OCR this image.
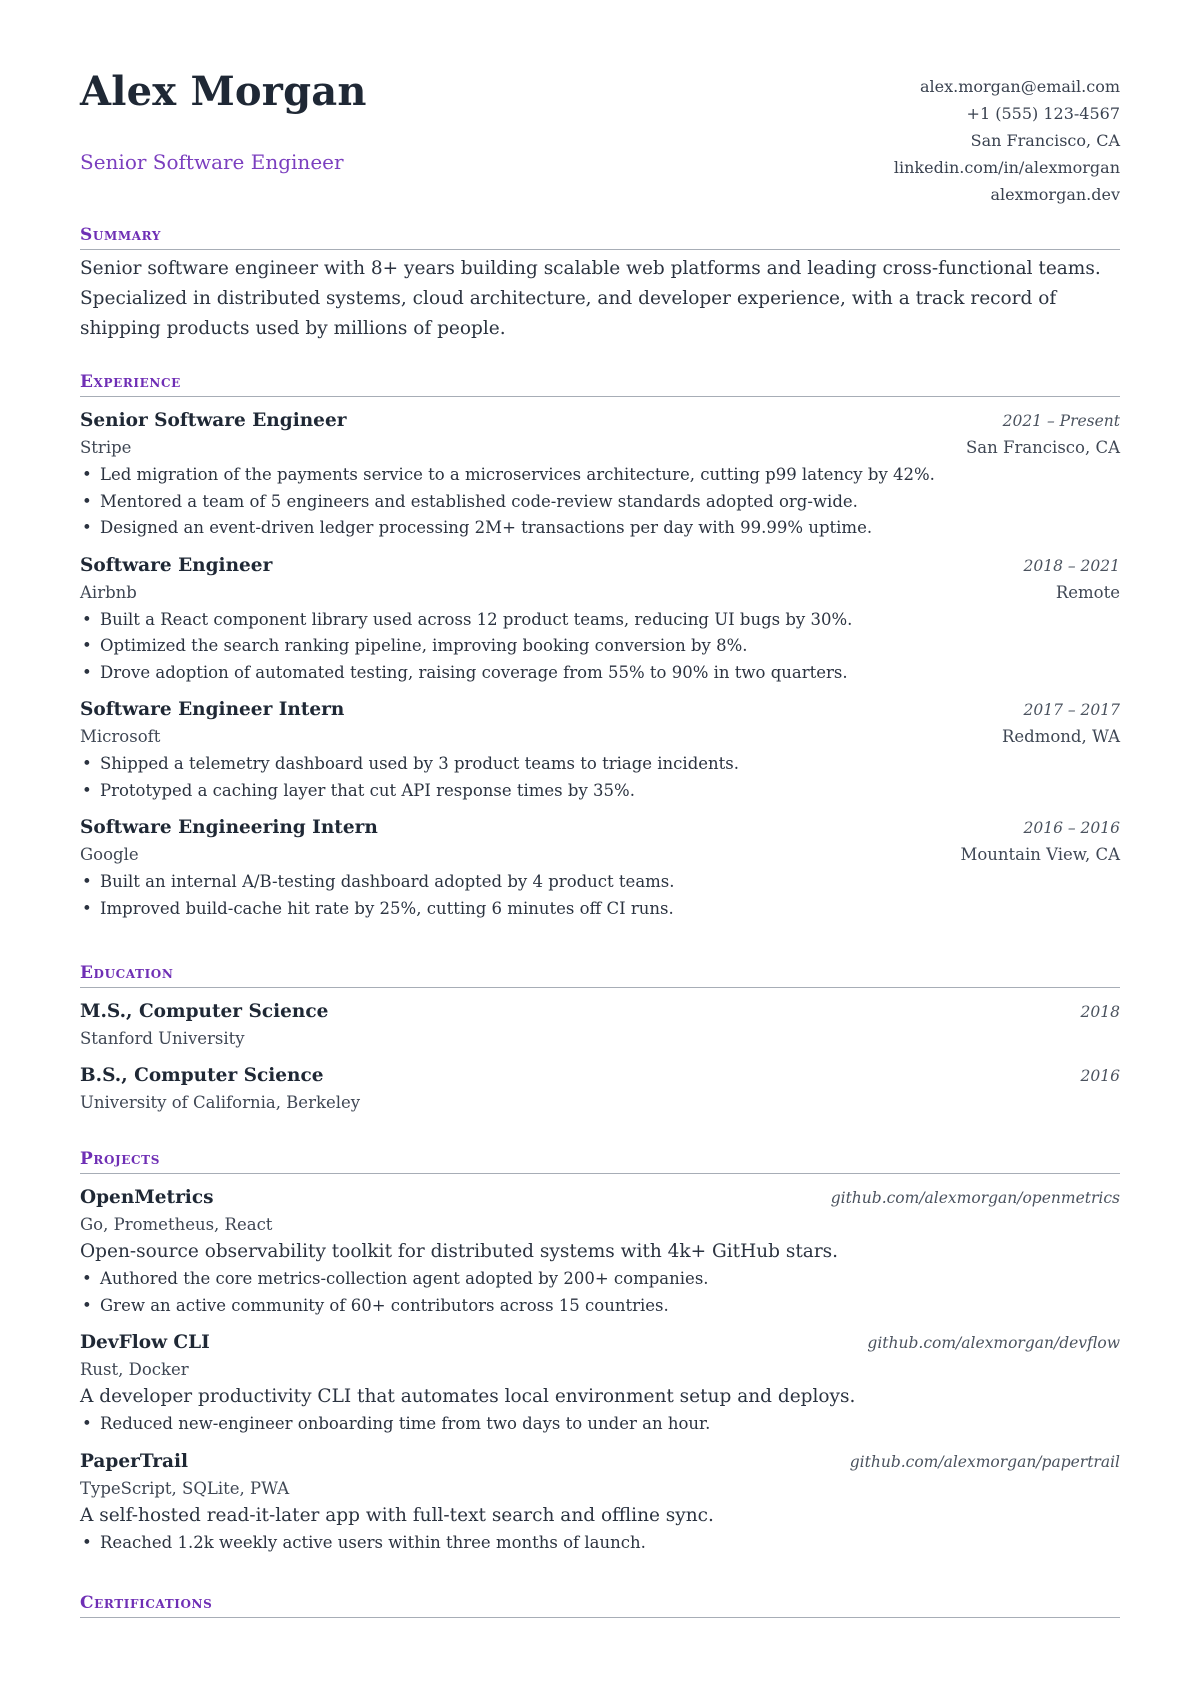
Alex Morgan
Senior Software Engineer
alex.morgan@email.com
+1 (555) 123-4567
San Francisco, CA
linkedin.com/in/alexmorgan
alexmorgan.dev
Summary
Senior software engineer with 8+ years building scalable web platforms and leading cross-functional teams. Specialized in distributed systems, cloud architecture, and developer experience, with a track record of shipping products used by millions of people.
Experience
Senior Software Engineer	2021 – Present
Stripe	San Francisco, CA
• Led migration of the payments service to a microservices architecture, cutting p99 latency by 42%.
• Mentored a team of 5 engineers and established code-review standards adopted org-wide.
• Designed an event-driven ledger processing 2M+ transactions per day with 99.99% uptime.
Software Engineer	2018 – 2021
Airbnb	Remote
• Built a React component library used across 12 product teams, reducing UI bugs by 30%.
• Optimized the search ranking pipeline, improving booking conversion by 8%.
• Drove adoption of automated testing, raising coverage from 55% to 90% in two quarters.
Software Engineer Intern	2017 – 2017
Microsoft	Redmond, WA
• Shipped a telemetry dashboard used by 3 product teams to triage incidents.
• Prototyped a caching layer that cut API response times by 35%.
Software Engineering Intern	2016 – 2016
Google	Mountain View, CA
• Built an internal A/B-testing dashboard adopted by 4 product teams.
• Improved build-cache hit rate by 25%, cutting 6 minutes off CI runs.
Education
M.S., Computer Science	2018
Stanford University
B.S., Computer Science	2016
University of California, Berkeley
Projects
OpenMetrics	github.com/alexmorgan/openmetrics
Go, Prometheus, React
Open-source observability toolkit for distributed systems with 4k+ GitHub stars.
• Authored the core metrics-collection agent adopted by 200+ companies.
• Grew an active community of 60+ contributors across 15 countries.
DevFlow CLI	github.com/alexmorgan/devflow
Rust, Docker
A developer productivity CLI that automates local environment setup and deploys.
• Reduced new-engineer onboarding time from two days to under an hour.
PaperTrail	github.com/alexmorgan/papertrail
TypeScript, SQLite, PWA
A self-hosted read-it-later app with full-text search and offline sync.
• Reached 1.2k weekly active users within three months of launch.
Certifications
